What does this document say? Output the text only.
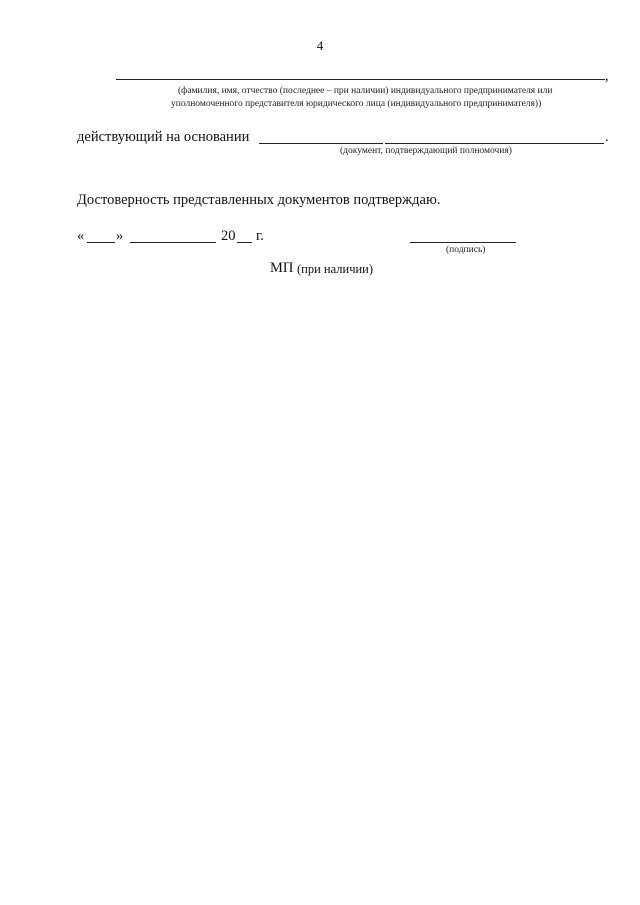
4
,
(фамилия, имя, отчество (последнее – при наличии) индивидуального предпринимателя или
уполномоченного представителя юридического лица (индивидуального предпринимателя))
действующий на основании	.
(документ, подтверждающий полномочия)
Достоверность представленных документов подтверждаю.
« »	20 г.
(подпись)
МП (при наличии)
